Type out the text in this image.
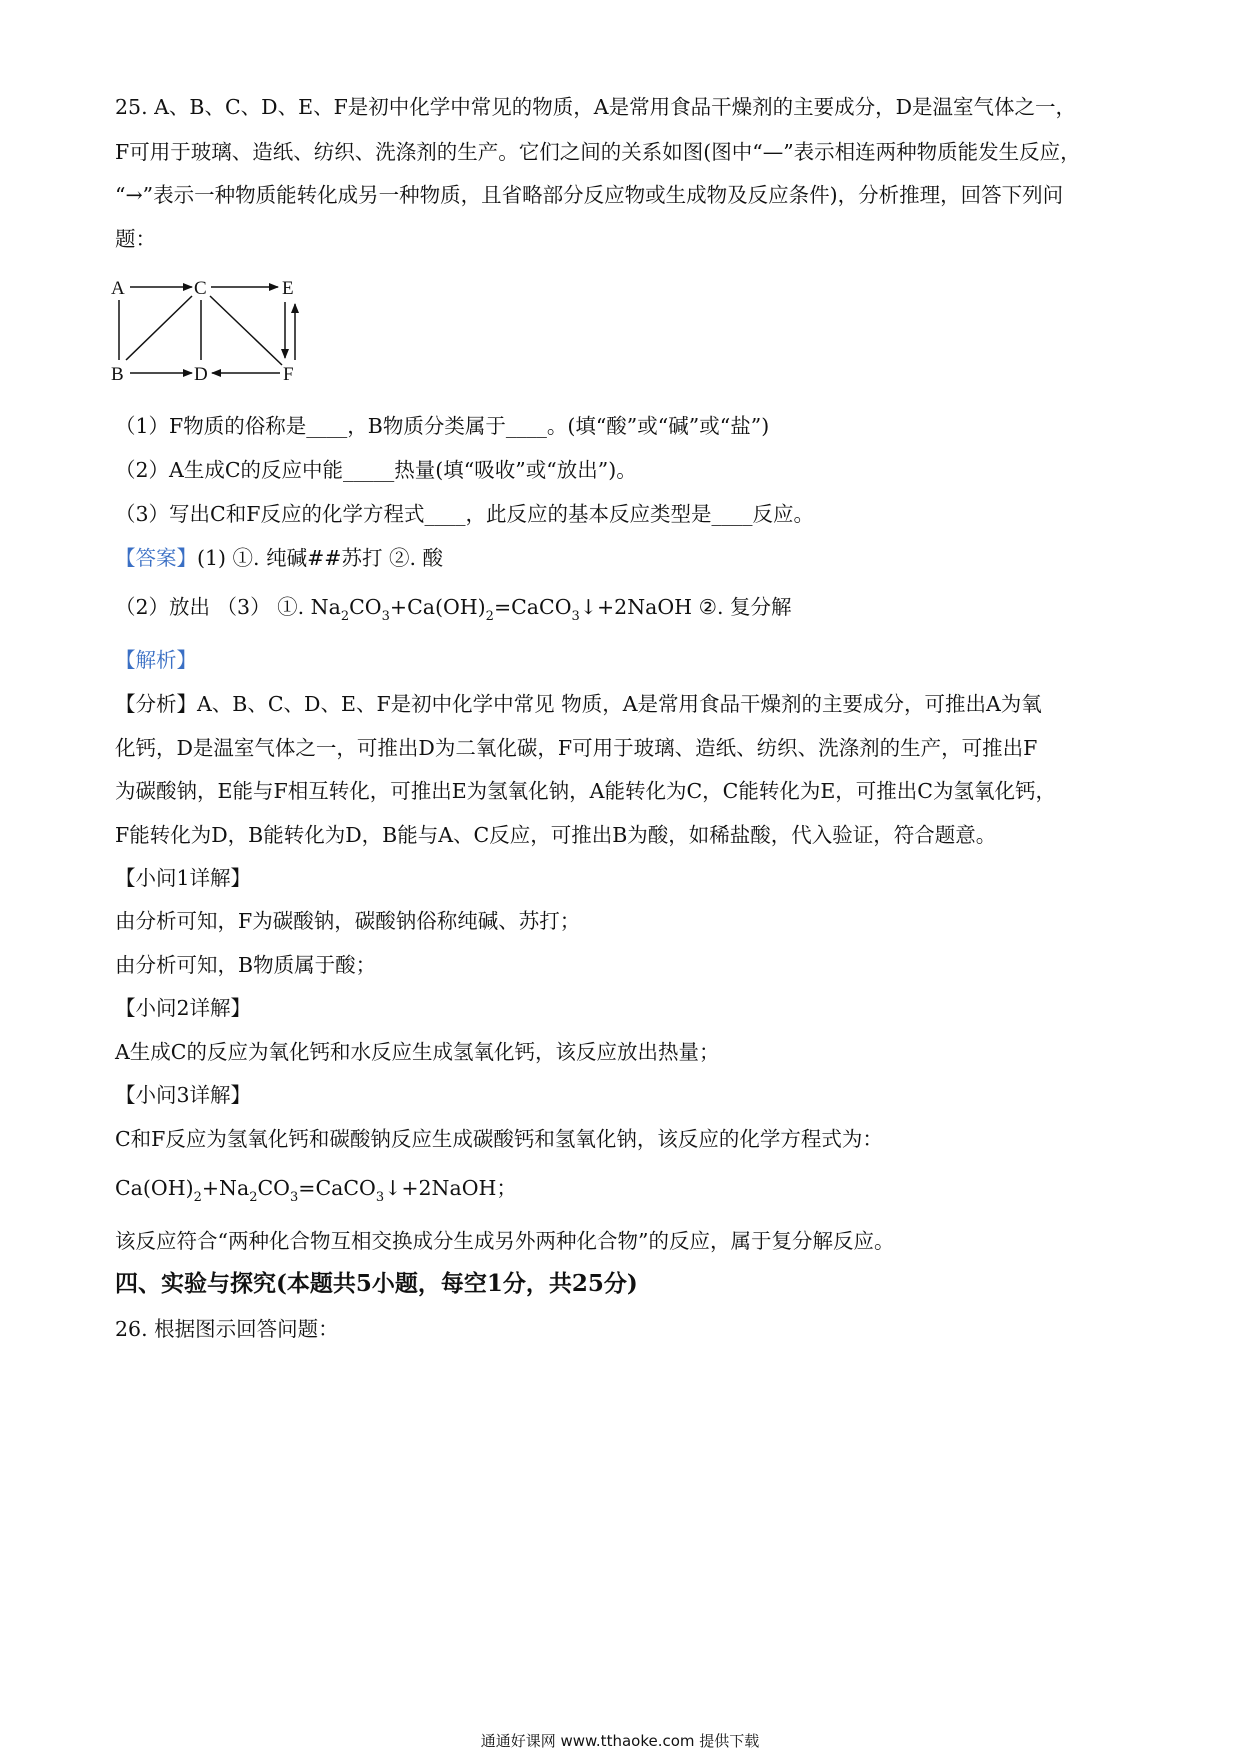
25. A、B、C、D、E、F是初中化学中常见的物质，A是常用食品干燥剂的主要成分，D是温室气体之一，
F可用于玻璃、造纸、纺织、洗涤剂的生产。它们之间的关系如图(图中“—”表示相连两种物质能发生反应，
“→”表示一种物质能转化成另一种物质，且省略部分反应物或生成物及反应条件)，分析推理，回答下列问
题：
A	C	E
B	D	F
（1）F物质的俗称是____，B物质分类属于____。(填“酸”或“碱”或“盐”)
（2）A生成C的反应中能_____热量(填“吸收”或“放出”)。
（3）写出C和F反应的化学方程式____，此反应的基本反应类型是____反应。
【答案】(1) ①. 纯碱##苏打 ②. 酸
（2）放出 （3） ①. $Na_2CO_3+Ca(OH)_2=CaCO_3↓+2NaOH$ ②. 复分解
【解析】
【分析】A、B、C、D、E、F是初中化学中常见 物质，A是常用食品干燥剂的主要成分，可推出A为氧
化钙，D是温室气体之一，可推出D为二氧化碳，F可用于玻璃、造纸、纺织、洗涤剂的生产，可推出F
为碳酸钠，E能与F相互转化，可推出E为氢氧化钠，A能转化为C，C能转化为E，可推出C为氢氧化钙，
F能转化为D，B能转化为D，B能与A、C反应，可推出B为酸，如稀盐酸，代入验证，符合题意。
【小问1详解】
由分析可知，F为碳酸钠，碳酸钠俗称纯碱、苏打；
由分析可知，B物质属于酸；
【小问2详解】
A生成C的反应为氧化钙和水反应生成氢氧化钙，该反应放出热量；
【小问3详解】
C和F反应为氢氧化钙和碳酸钠反应生成碳酸钙和氢氧化钠，该反应的化学方程式为：
$Ca(OH)_2+Na_2CO_3=CaCO_3↓+2NaOH$；
该反应符合“两种化合物互相交换成分生成另外两种化合物”的反应，属于复分解反应。
四、实验与探究(本题共5小题，每空1分，共25分)
26. 根据图示回答问题：
通通好课网 www.tthaoke.com 提供下载
